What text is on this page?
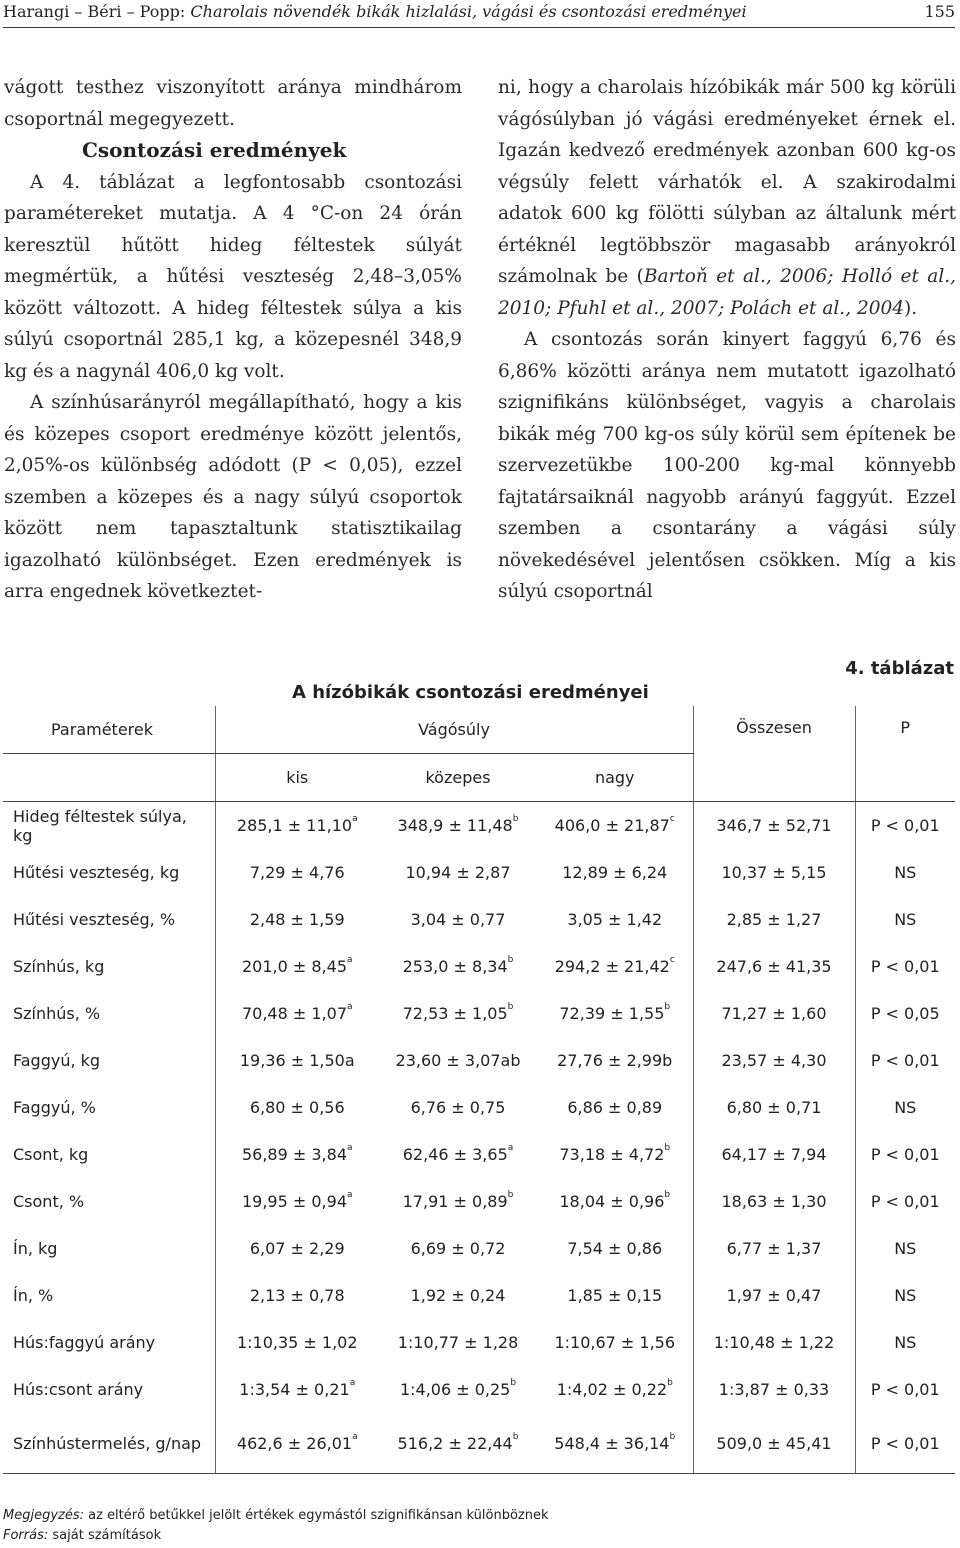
Harangi – Béri – Popp: Charolais növendék bikák hizlalási, vágási és csontozási eredményei	155

vágott testhez viszonyított aránya mindhárom csoportnál megegyezett.

Csontozási eredmények

A 4. táblázat a legfontosabb csontozási paramétereket mutatja. A 4 °C-on 24 órán keresztül hűtött hideg féltestek súlyát megmértük, a hűtési veszteség 2,48–3,05% között változott. A hideg féltestek súlya a kis súlyú csoportnál 285,1 kg, a közepesnél 348,9 kg és a nagynál 406,0 kg volt.

A színhúsarányról megállapítható, hogy a kis és közepes csoport eredménye között jelentős, 2,05%-os különbség adódott (P < 0,05), ezzel szemben a közepes és a nagy súlyú csoportok között nem tapasztaltunk statisztikailag igazolható különbséget. Ezen eredmények is arra engednek következtet-

ni, hogy a charolais hízóbikák már 500 kg körüli vágósúlyban jó vágási eredményeket érnek el. Igazán kedvező eredmények azonban 600 kg-os végsúly felett várhatók el. A szakirodalmi adatok 600 kg fölötti súlyban az általunk mért értéknél legtöbbször magasabb arányokról számolnak be (Bartoň et al., 2006; Holló et al., 2010; Pfuhl et al., 2007; Polách et al., 2004).

A csontozás során kinyert faggyú 6,76 és 6,86% közötti aránya nem mutatott igazolható szignifikáns különbséget, vagyis a charolais bikák még 700 kg-os súly körül sem építenek be szervezetükbe 100-200 kg-mal könnyebb fajtatársaiknál nagyobb arányú faggyút. Ezzel szemben a csontarány a vágási súly növekedésével jelentősen csökken. Míg a kis súlyú csoportnál

4. táblázat
A hízóbikák csontozási eredményei
Paraméterek	Vágósúly			Összesen	P
	kis	közepes	nagy		
Hideg féltestek súlya, kg	285,1 ± 11,10$^a$	348,9 ± 11,48$^b$	406,0 ± 21,87$^c$	346,7 ± 52,71	P < 0,01
Hűtési veszteség, kg	7,29 ± 4,76	10,94 ± 2,87	12,89 ± 6,24	10,37 ± 5,15	NS
Hűtési veszteség, %	2,48 ± 1,59	3,04 ± 0,77	3,05 ± 1,42	2,85 ± 1,27	NS
Színhús, kg	201,0 ± 8,45$^a$	253,0 ± 8,34$^b$	294,2 ± 21,42$^c$	247,6 ± 41,35	P < 0,01
Színhús, %	70,48 ± 1,07$^a$	72,53 ± 1,05$^b$	72,39 ± 1,55$^b$	71,27 ± 1,60	P < 0,05
Faggyú, kg	19,36 ± 1,50a	23,60 ± 3,07ab	27,76 ± 2,99b	23,57 ± 4,30	P < 0,01
Faggyú, %	6,80 ± 0,56	6,76 ± 0,75	6,86 ± 0,89	6,80 ± 0,71	NS
Csont, kg	56,89 ± 3,84$^a$	62,46 ± 3,65$^a$	73,18 ± 4,72$^b$	64,17 ± 7,94	P < 0,01
Csont, %	19,95 ± 0,94$^a$	17,91 ± 0,89$^b$	18,04 ± 0,96$^b$	18,63 ± 1,30	P < 0,01
Ín, kg	6,07 ± 2,29	6,69 ± 0,72	7,54 ± 0,86	6,77 ± 1,37	NS
Ín, %	2,13 ± 0,78	1,92 ± 0,24	1,85 ± 0,15	1,97 ± 0,47	NS
Hús:faggyú arány	1:10,35 ± 1,02	1:10,77 ± 1,28	1:10,67 ± 1,56	1:10,48 ± 1,22	NS
Hús:csont arány	1:3,54 ± 0,21$^a$	1:4,06 ± 0,25$^b$	1:4,02 ± 0,22$^b$	1:3,87 ± 0,33	P < 0,01
Színhústermelés, g/nap	462,6 ± 26,01$^a$	516,2 ± 22,44$^b$	548,4 ± 36,14$^b$	509,0 ± 45,41	P < 0,01
Megjegyzés: az eltérő betűkkel jelölt értékek egymástól szignifikánsan különböznek
Forrás: saját számítások
